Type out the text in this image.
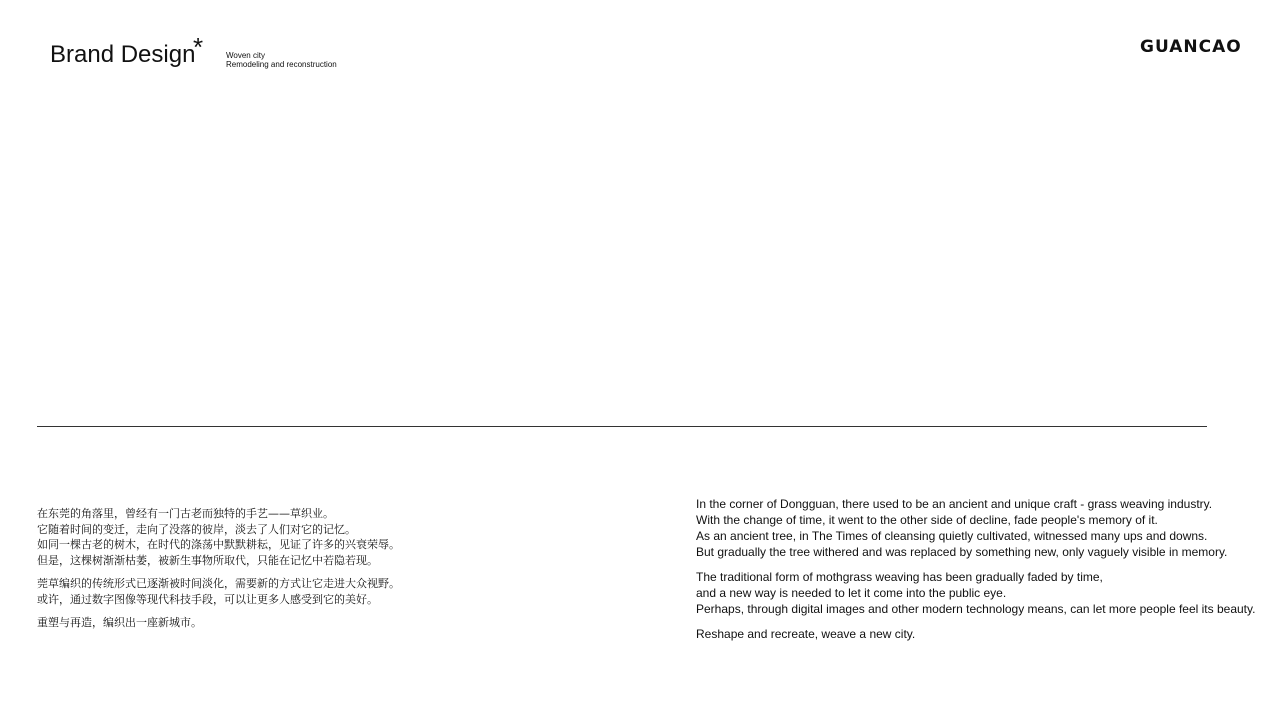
Brand Design
*	Woven city
Remodeling and reconstruction
GUANCAO

在东莞的角落里，曾经有一门古老而独特的手艺——草织业。
它随着时间的变迁，走向了没落的彼岸，淡去了人们对它的记忆。
如同一棵古老的树木，在时代的涤荡中默默耕耘，见证了许多的兴衰荣辱。
但是，这棵树渐渐枯萎，被新生事物所取代，只能在记忆中若隐若现。

莞草编织的传统形式已逐渐被时间淡化，需要新的方式让它走进大众视野。
或许，通过数字图像等现代科技手段，可以让更多人感受到它的美好。

重塑与再造，编织出一座新城市。

In the corner of Dongguan, there used to be an ancient and unique craft - grass weaving industry.
With the change of time, it went to the other side of decline, fade people's memory of it.
As an ancient tree, in The Times of cleansing quietly cultivated, witnessed many ups and downs.
But gradually the tree withered and was replaced by something new, only vaguely visible in memory.

The traditional form of mothgrass weaving has been gradually faded by time,
and a new way is needed to let it come into the public eye.
Perhaps, through digital images and other modern technology means, can let more people feel its beauty.

Reshape and recreate, weave a new city.
